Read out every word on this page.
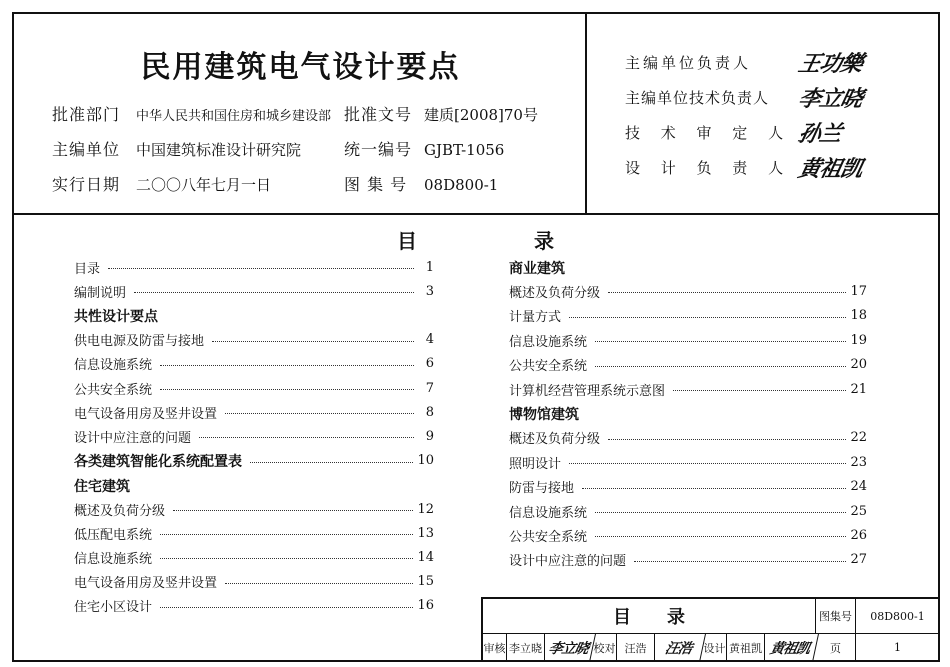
民用建筑电气设计要点
批准部门 中华人民共和国住房和城乡建设部 批准文号 建质[2008]70号
主编单位 中国建筑标准设计研究院	统一编号 GJBT-1056
实行日期 二〇〇八年七月一日	图 集 号 08D800-1
主编单位负责人 王功樂
主编单位技术负责人 李立晓
技 术 审 定 人 孙兰
设 计 负 责 人 黄祖凯
目	录
目录	1
编制说明	3
共性设计要点
供电电源及防雷与接地	4
信息设施系统	6
公共安全系统	7
电气设备用房及竖井设置	8
设计中应注意的问题	9
各类建筑智能化系统配置表	10
住宅建筑
概述及负荷分级	12
低压配电系统	13
信息设施系统	14
电气设备用房及竖井设置	15
住宅小区设计	16
商业建筑
概述及负荷分级	17
计量方式	18
信息设施系统	19
公共安全系统	20
计算机经营管理系统示意图	21
博物馆建筑
概述及负荷分级	22
照明设计	23
防雷与接地	24
信息设施系统	25
公共安全系统	26
设计中应注意的问题	27
目　　录	图集号	08D800-1
审核 李立晓 李立晓 校对 汪浩	汪浩 设计 黄祖凯 黄祖凯	页	1
